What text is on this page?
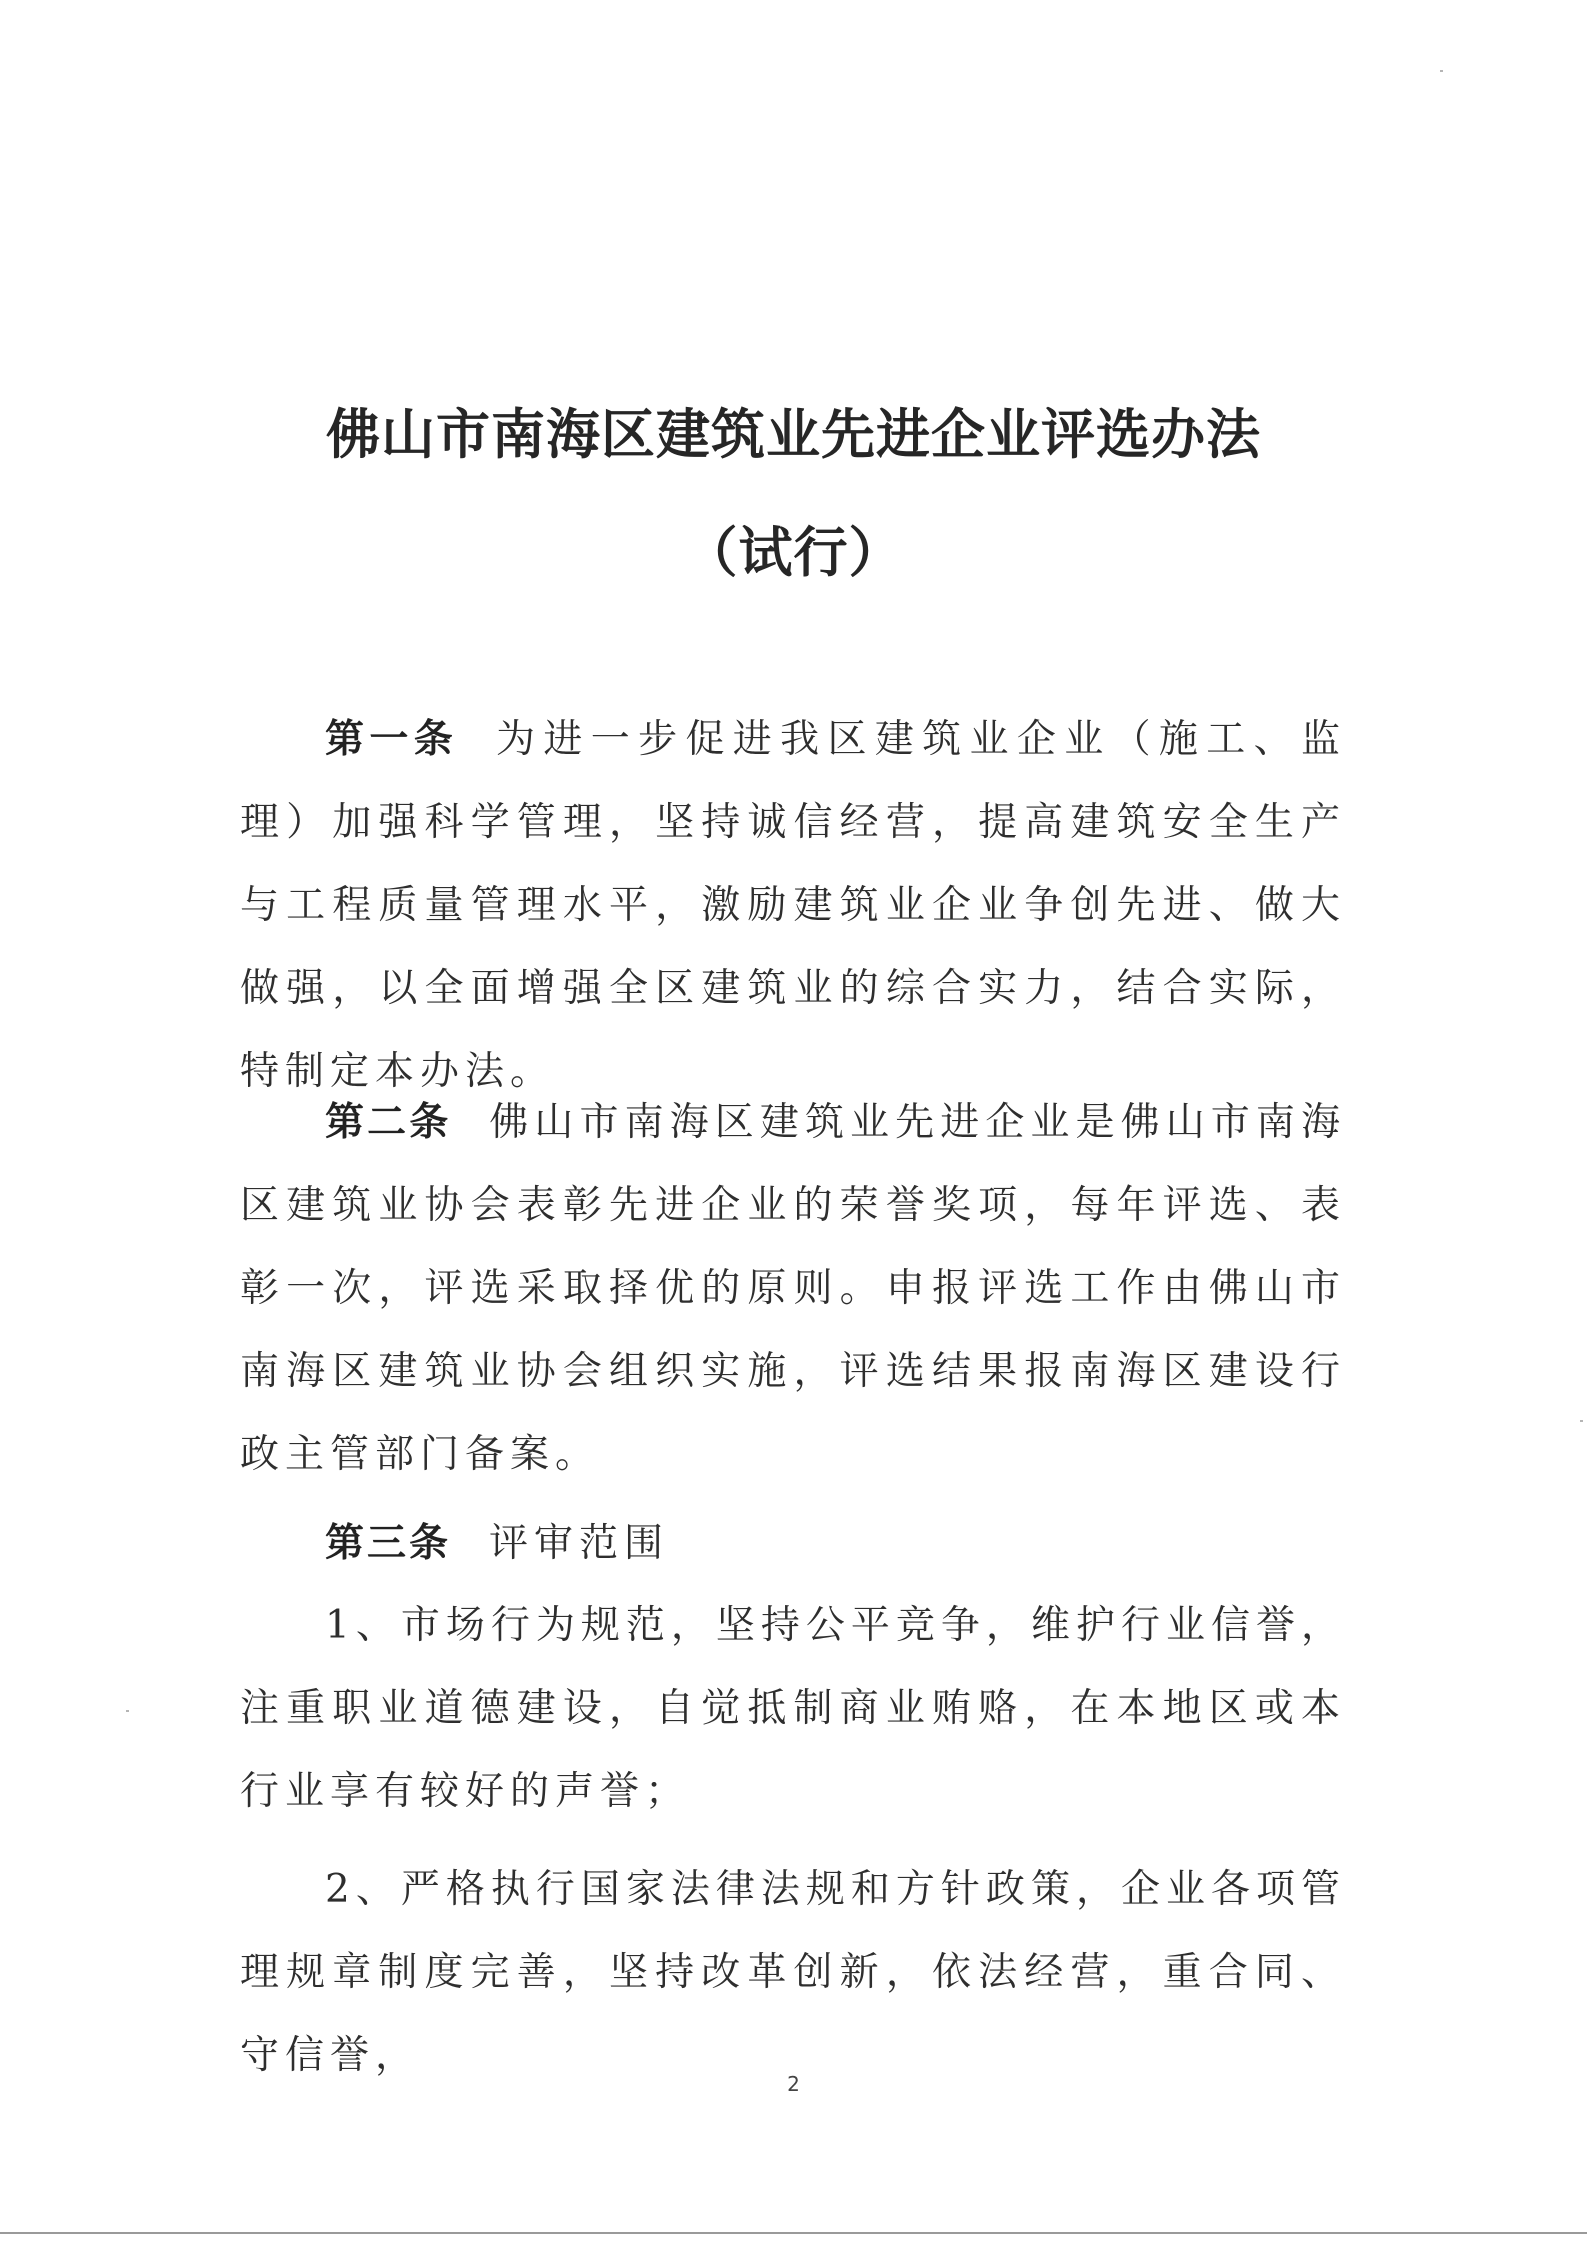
佛山市南海区建筑业先进企业评选办法
（试行）

第一条 为进一步促进我区建筑业企业（施工、监理）加强科学管理，坚持诚信经营，提高建筑安全生产与工程质量管理水平，激励建筑业企业争创先进、做大做强，以全面增强全区建筑业的综合实力，结合实际，特制定本办法。

第二条 佛山市南海区建筑业先进企业是佛山市南海区建筑业协会表彰先进企业的荣誉奖项，每年评选、表彰一次，评选采取择优的原则。申报评选工作由佛山市南海区建筑业协会组织实施，评选结果报南海区建设行政主管部门备案。

第三条 评审范围

1、市场行为规范，坚持公平竞争，维护行业信誉，注重职业道德建设，自觉抵制商业贿赂，在本地区或本行业享有较好的声誉；

2、严格执行国家法律法规和方针政策，企业各项管理规章制度完善，坚持改革创新，依法经营，重合同、守信誉，

2
